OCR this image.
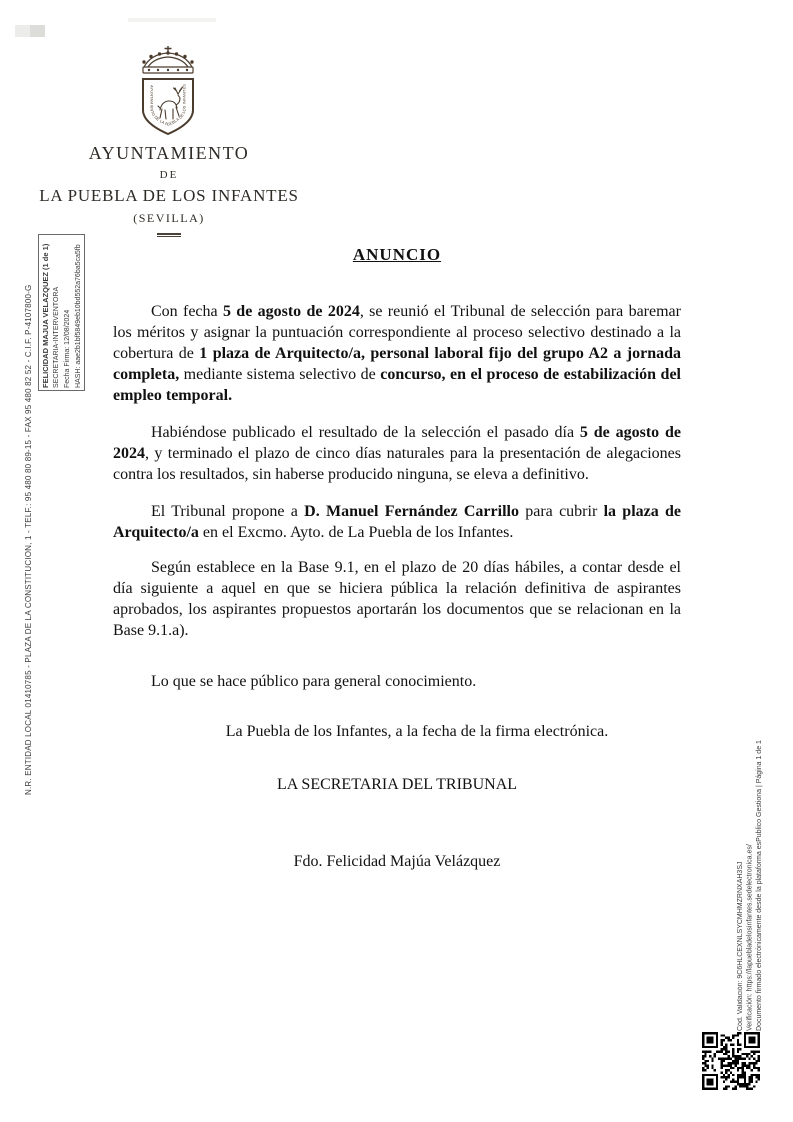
AYUNTAMIENTO DE LA PUEBLA DE LOS INFANTES
AYUNTAMIENTO
DE
LA PUEBLA DE LOS INFANTES
(SEVILLA)
ANUNCIO

Con fecha 5 de agosto de 2024, se reunió el Tribunal de selección para baremar los méritos y asignar la puntuación correspondiente al proceso selectivo destinado a la cobertura de 1 plaza de Arquitecto/a, personal laboral fijo del grupo A2 a jornada completa, mediante sistema selectivo de concurso, en el proceso de estabilización del empleo temporal.

Habiéndose publicado el resultado de la selección el pasado día 5 de agosto de 2024, y terminado el plazo de cinco días naturales para la presentación de alegaciones contra los resultados, sin haberse producido ninguna, se eleva a definitivo.

El Tribunal propone a D. Manuel Fernández Carrillo para cubrir la plaza de Arquitecto/a en el Excmo. Ayto. de La Puebla de los Infantes.

Según establece en la Base 9.1, en el plazo de 20 días hábiles, a contar desde el día siguiente a aquel en que se hiciera pública la relación definitiva de aspirantes aprobados, los aspirantes propuestos aportarán los documentos que se relacionan en la Base 9.1.a).

Lo que se hace público para general conocimiento.

La Puebla de los Infantes, a la fecha de la firma electrónica.

LA SECRETARIA DEL TRIBUNAL

Fdo. Felicidad Majúa Velázquez

N.R. ENTIDAD LOCAL 01410785 - PLAZA DE LA CONSTITUCION, 1 - TELF.: 95 480 80 89-15 - FAX 95 480 82 52 - C.I.F. P-4107800-G	FELICIDAD MAJUA VELAZQUEZ (1 de 1) SECRETARIA-INTERVENTORA Fecha Firma: 12/08/2024 HASH: aae2b1bf5849eb10bd552a76ba5ca5fb
Cód. Validación: 9C6HLCEXNLSYCMHMZRNXAH3SJ Verificación: https://lapuebladelosinfantes.sedelectronica.es/ Documento firmado electrónicamente desde la plataforma esPublico Gestiona | Página 1 de 1
